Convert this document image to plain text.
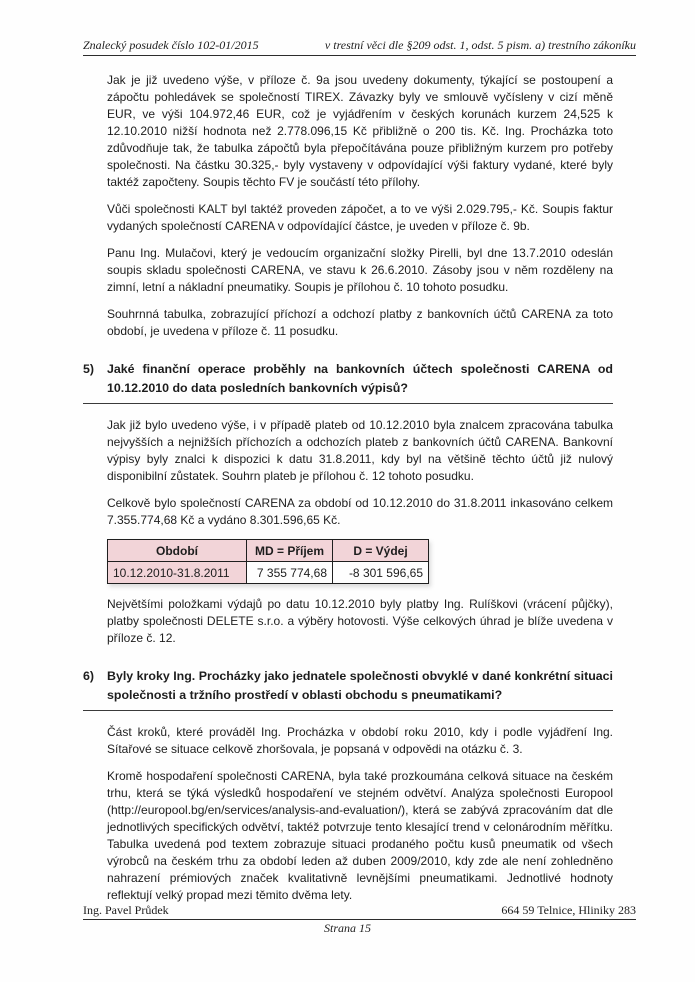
Znalecký posudek číslo 102-01/2015	v trestní věci dle §209 odst. 1, odst. 5 pism. a) trestního zákoníku

Jak je již uvedeno výše, v příloze č. 9a jsou uvedeny dokumenty, týkající se postoupení a zápočtu pohledávek se společností TIREX. Závazky byly ve smlouvě vyčísleny v cizí měně EUR, ve výši 104.972,46 EUR, což je vyjádřením v českých korunách kurzem 24,525 k 12.10.2010 nižší hodnota než 2.778.096,15 Kč přibližně o 200 tis. Kč. Ing. Procházka toto zdůvodňuje tak, že tabulka zápočtů byla přepočítávána pouze přibližným kurzem pro potřeby společnosti. Na částku 30.325,- byly vystaveny v odpovídající výši faktury vydané, které byly taktéž započteny. Soupis těchto FV je součástí této přílohy.

Vůči společnosti KALT byl taktéž proveden zápočet, a to ve výši 2.029.795,- Kč. Soupis faktur vydaných společností CARENA v odpovídající částce, je uveden v příloze č. 9b.

Panu Ing. Mulačovi, který je vedoucím organizační složky Pirelli, byl dne 13.7.2010 odeslán soupis skladu společnosti CARENA, ve stavu k 26.6.2010. Zásoby jsou v něm rozděleny na zimní, letní a nákladní pneumatiky. Soupis je přílohou č. 10 tohoto posudku.

Souhrnná tabulka, zobrazující příchozí a odchozí platby z bankovních účtů CARENA za toto období, je uvedena v příloze č. 11 posudku.

5)	Jaké finanční operace proběhly na bankovních účtech společnosti CARENA od 10.12.2010 do data posledních bankovních výpisů?

Jak již bylo uvedeno výše, i v případě plateb od 10.12.2010 byla znalcem zpracována tabulka nejvyšších a nejnižších příchozích a odchozích plateb z bankovních účtů CARENA. Bankovní výpisy byly znalci k dispozici k datu 31.8.2011, kdy byl na většině těchto účtů již nulový disponibilní zůstatek. Souhrn plateb je přílohou č. 12 tohoto posudku.

Celkově bylo společností CARENA za období od 10.12.2010 do 31.8.2011 inkasováno celkem 7.355.774,68 Kč a vydáno 8.301.596,65 Kč.

Období	MD = Příjem	D = Výdej
10.12.2010-31.8.2011	7 355 774,68	-8 301 596,65

Největšími položkami výdajů po datu 10.12.2010 byly platby Ing. Rulíškovi (vrácení půjčky), platby společnosti DELETE s.r.o. a výběry hotovosti. Výše celkových úhrad je blíže uvedena v příloze č. 12.

6)	Byly kroky Ing. Procházky jako jednatele společnosti obvyklé v dané konkrétní situaci společnosti a tržního prostředí v oblasti obchodu s pneumatikami?

Část kroků, které prováděl Ing. Procházka v období roku 2010, kdy i podle vyjádření Ing. Sítařové se situace celkově zhoršovala, je popsaná v odpovědi na otázku č. 3.

Kromě hospodaření společnosti CARENA, byla také prozkoumána celková situace na českém trhu, která se týká výsledků hospodaření ve stejném odvětví. Analýza společnosti Europool (http://europool.bg/en/services/analysis-and-evaluation/), která se zabývá zpracováním dat dle jednotlivých specifických odvětví, taktéž potvrzuje tento klesající trend v celonárodním měřítku. Tabulka uvedená pod textem zobrazuje situaci prodaného počtu kusů pneumatik od všech výrobců na českém trhu za období leden až duben 2009/2010, kdy zde ale není zohledněno nahrazení prémiových značek kvalitativně levnějšími pneumatikami. Jednotlivé hodnoty reflektují velký propad mezi těmito dvěma lety.

Ing. Pavel Průdek	664 59 Telnice, Hliniky 283
Strana 15
